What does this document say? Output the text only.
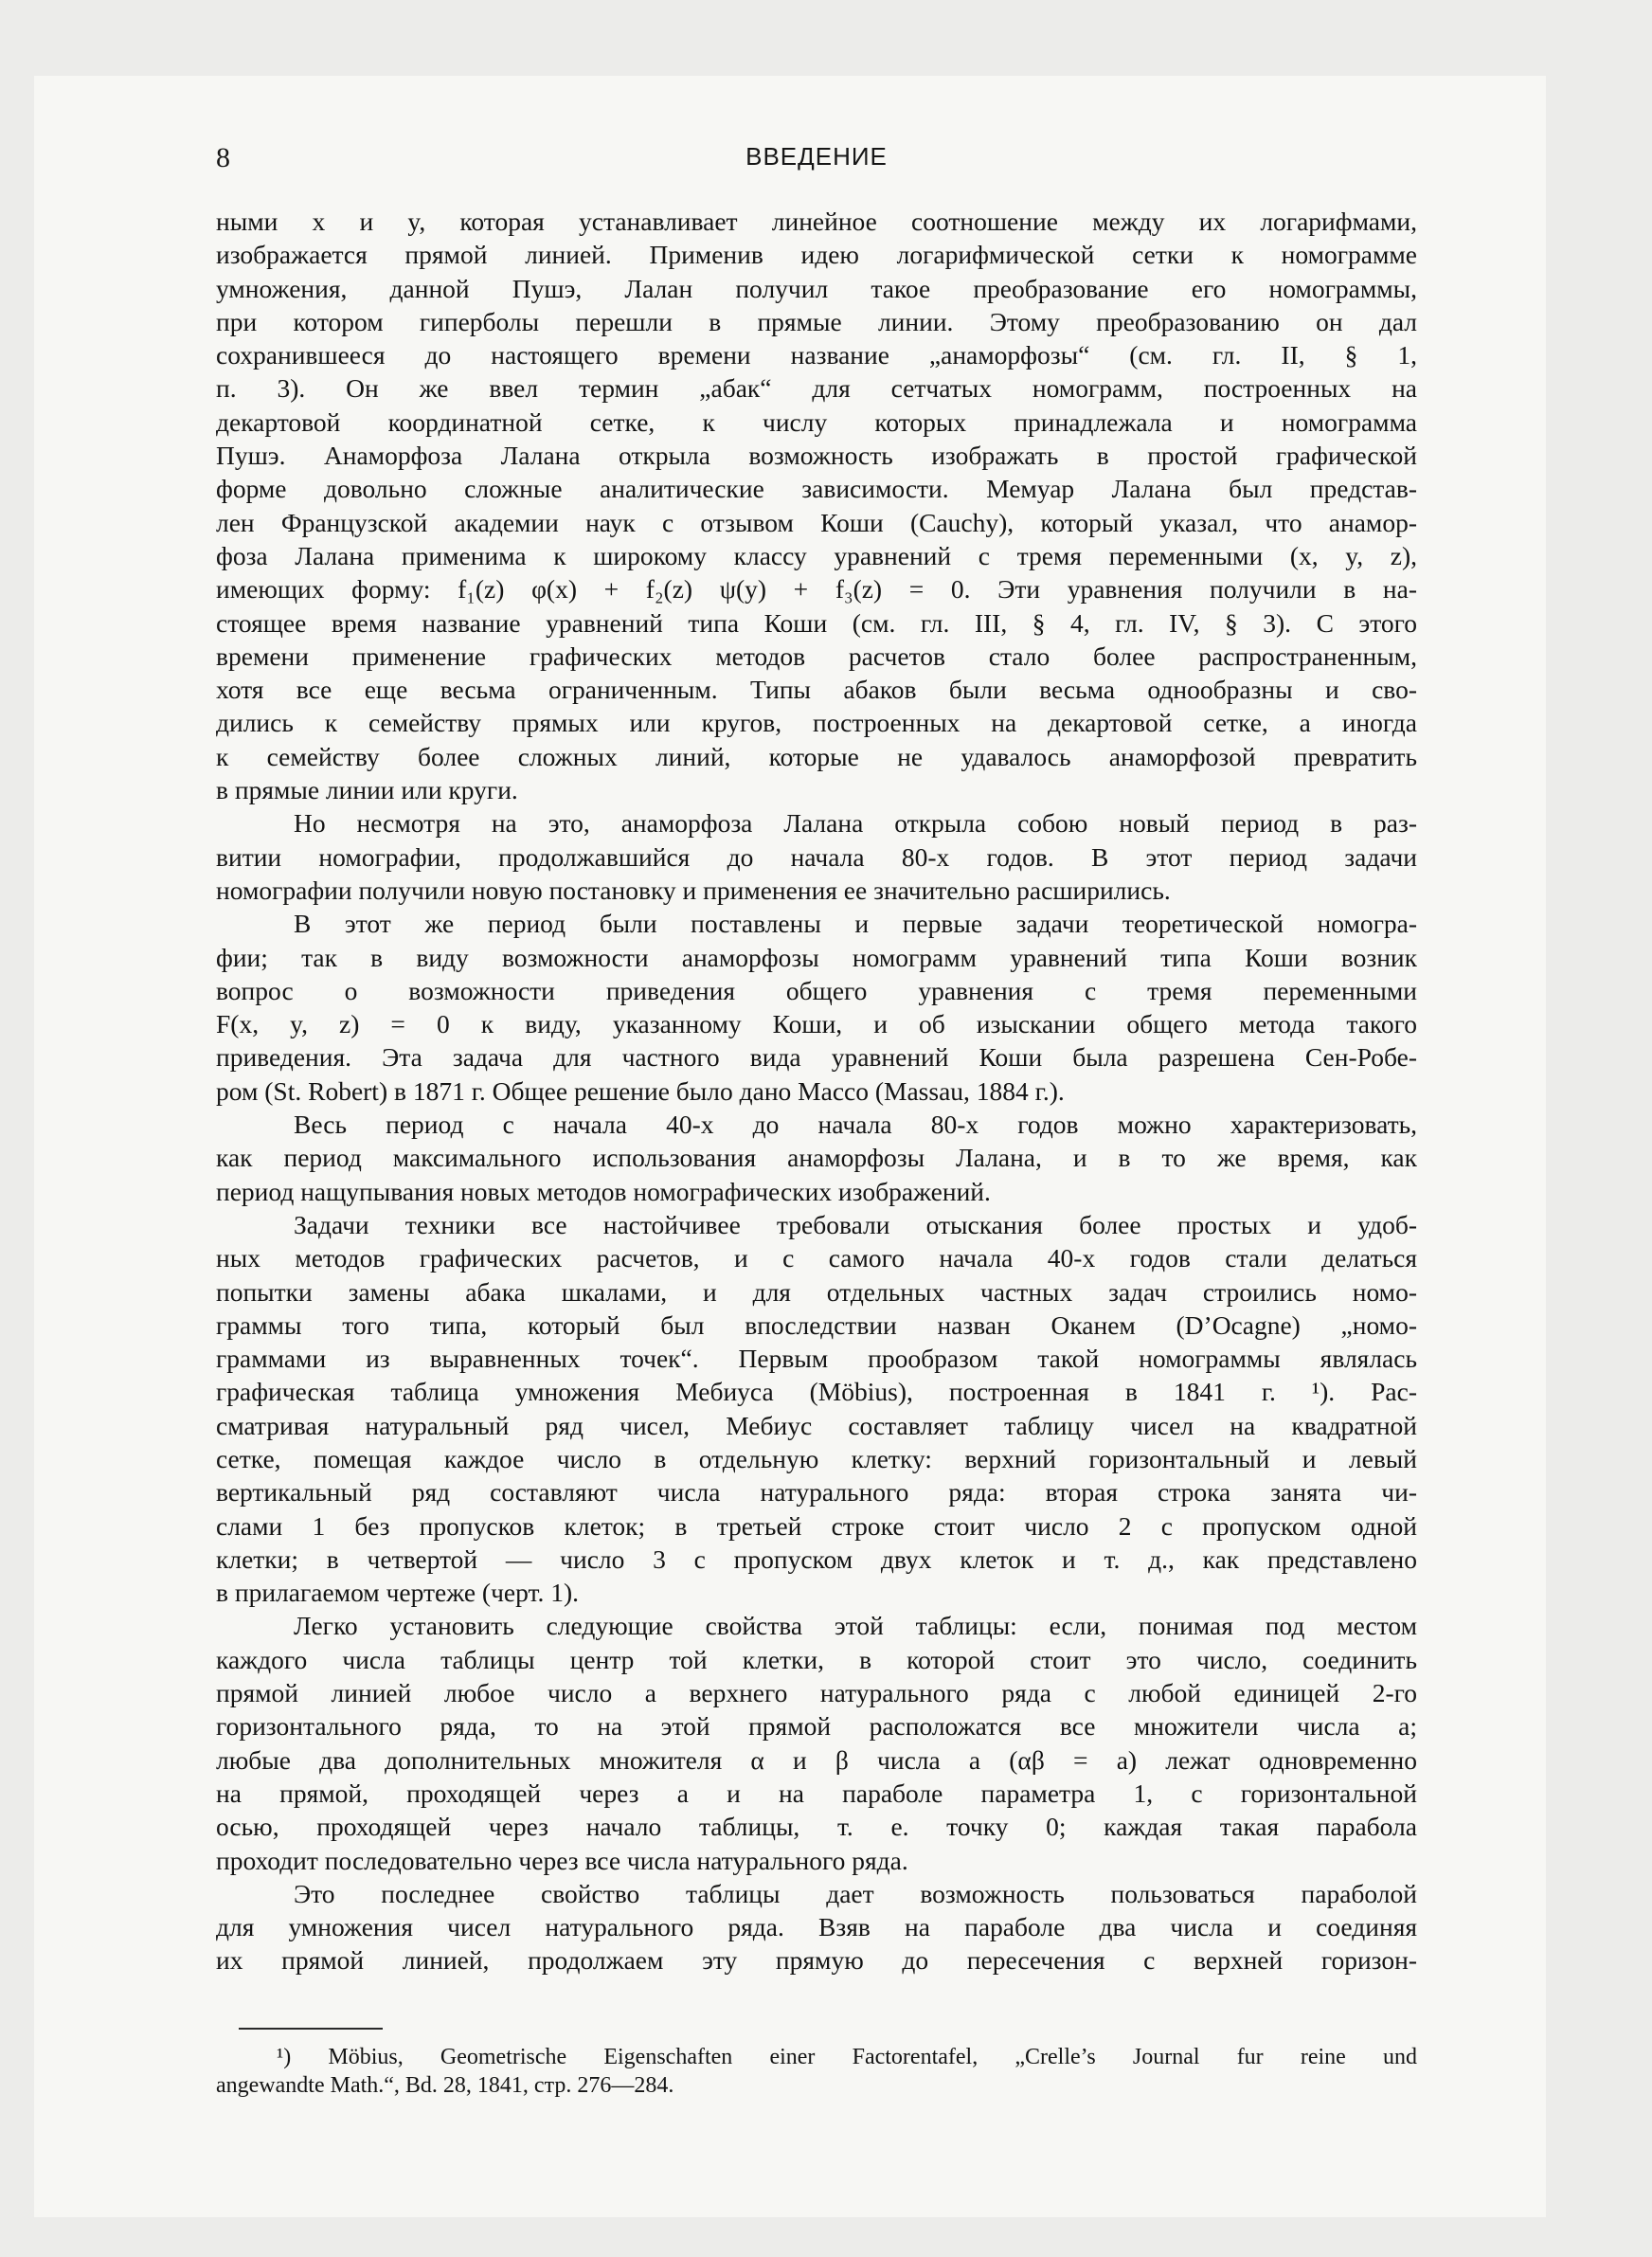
8	ВВЕДЕНИЕ
ными x и y, которая устанавливает линейное соотношение между их логарифмами,
изображается прямой линией. Применив идею логарифмической сетки к номограмме
умножения, данной Пушэ, Лалан получил такое преобразование его номограммы,
при котором гиперболы перешли в прямые линии. Этому преобразованию он дал
сохранившееся до настоящего времени название „анаморфозы“ (см. гл. II, § 1,
п. 3). Он же ввел термин „абак“ для сетчатых номограмм, построенных на
декартовой координатной сетке, к числу которых принадлежала и номограмма
Пушэ. Анаморфоза Лалана открыла возможность изображать в простой графической
форме довольно сложные аналитические зависимости. Мемуар Лалана был представ-
лен Французской академии наук с отзывом Коши (Cauchy), который указал, что анамор-
фоза Лалана применима к широкому классу уравнений с тремя переменными (x, y, z),
имеющих форму: f₁(z) φ(x) + f₂(z) ψ(y) + f₃(z) = 0. Эти уравнения получили в на-
стоящее время название уравнений типа Коши (см. гл. III, § 4, гл. IV, § 3). С этого
времени применение графических методов расчетов стало более распространенным,
хотя все еще весьма ограниченным. Типы абаков были весьма однообразны и сво-
дились к семейству прямых или кругов, построенных на декартовой сетке, а иногда
к семейству более сложных линий, которые не удавалось анаморфозой превратить
в прямые линии или круги.
Но несмотря на это, анаморфоза Лалана открыла собою новый период в раз-
витии номографии, продолжавшийся до начала 80-х годов. В этот период задачи
номографии получили новую постановку и применения ее значительно расширились.
В этот же период были поставлены и первые задачи теоретической номогра-
фии; так в виду возможности анаморфозы номограмм уравнений типа Коши возник
вопрос о возможности приведения общего уравнения с тремя переменными
F(x, y, z) = 0 к виду, указанному Коши, и об изыскании общего метода такого
приведения. Эта задача для частного вида уравнений Коши была разрешена Сен-Робе-
ром (St. Robert) в 1871 г. Общее решение было дано Массо (Massau, 1884 г.).
Весь период с начала 40-х до начала 80-х годов можно характеризовать,
как период максимального использования анаморфозы Лалана, и в то же время, как
период нащупывания новых методов номографических изображений.
Задачи техники все настойчивее требовали отыскания более простых и удоб-
ных методов графических расчетов, и с самого начала 40-х годов стали делаться
попытки замены абака шкалами, и для отдельных частных задач строились номо-
граммы того типа, который был впоследствии назван Оканем (D’Ocagne) „номо-
граммами из выравненных точек“. Первым прообразом такой номограммы являлась
графическая таблица умножения Мебиуса (Möbius), построенная в 1841 г. ¹). Рас-
сматривая натуральный ряд чисел, Мебиус составляет таблицу чисел на квадратной
сетке, помещая каждое число в отдельную клетку: верхний горизонтальный и левый
вертикальный ряд составляют числа натурального ряда: вторая строка занята чи-
слами 1 без пропусков клеток; в третьей строке стоит число 2 с пропуском одной
клетки; в четвертой — число 3 с пропуском двух клеток и т. д., как представлено
в прилагаемом чертеже (черт. 1).
Легко установить следующие свойства этой таблицы: если, понимая под местом
каждого числа таблицы центр той клетки, в которой стоит это число, соединить
прямой линией любое число a верхнего натурального ряда с любой единицей 2-го
горизонтального ряда, то на этой прямой расположатся все множители числа a;
любые два дополнительных множителя α и β числа a (αβ = a) лежат одновременно
на прямой, проходящей через a и на параболе параметра 1, с горизонтальной
осью, проходящей через начало таблицы, т. е. точку 0; каждая такая парабола
проходит последовательно через все числа натурального ряда.
Это последнее свойство таблицы дает возможность пользоваться параболой
для умножения чисел натурального ряда. Взяв на параболе два числа и соединяя
их прямой линией, продолжаем эту прямую до пересечения с верхней горизон-
¹) Möbius, Geometrische Eigenschaften einer Factorentafel, „Crelle’s Journal fur reine und
angewandte Math.“, Bd. 28, 1841, стр. 276—284.
